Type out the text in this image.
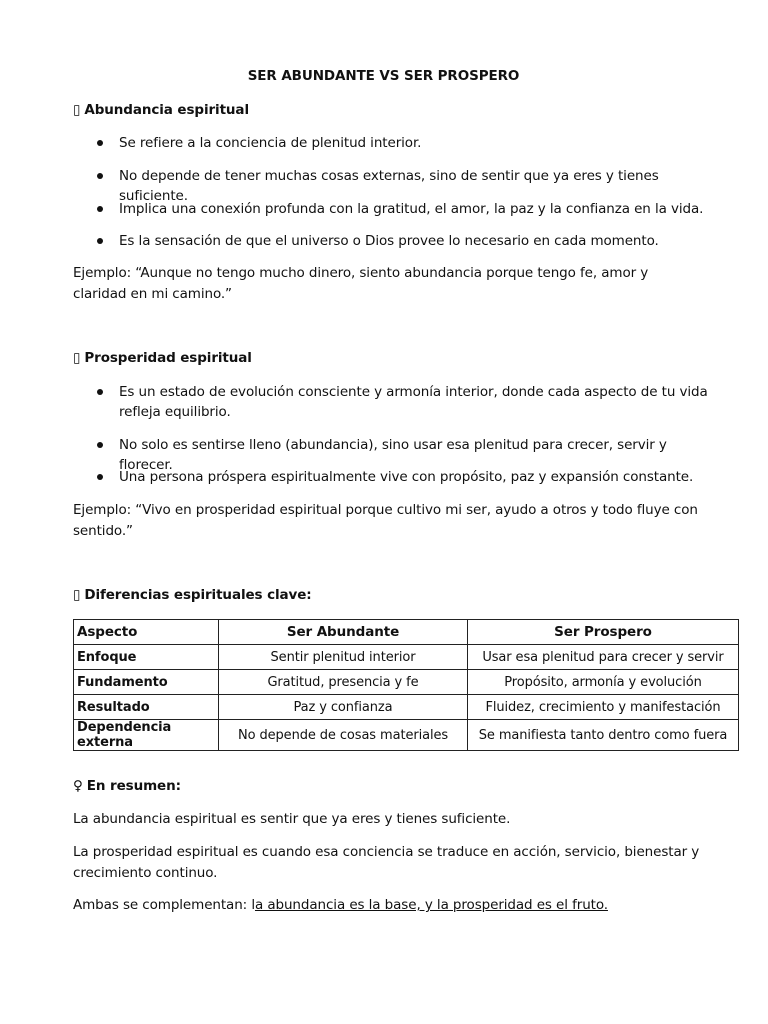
SER ABUNDANTE VS SER PROSPERO
▯ Abundancia espiritual
Se refiere a la conciencia de plenitud interior.
No depende de tener muchas cosas externas, sino de sentir que ya eres y tienes suficiente.
Implica una conexión profunda con la gratitud, el amor, la paz y la confianza en la vida.
Es la sensación de que el universo o Dios provee lo necesario en cada momento.
Ejemplo: “Aunque no tengo mucho dinero, siento abundancia porque tengo fe, amor y claridad en mi camino.”
▯ Prosperidad espiritual
Es un estado de evolución consciente y armonía interior, donde cada aspecto de tu vida refleja equilibrio.
No solo es sentirse lleno (abundancia), sino usar esa plenitud para crecer, servir y florecer.
Una persona próspera espiritualmente vive con propósito, paz y expansión constante.
Ejemplo: “Vivo en prosperidad espiritual porque cultivo mi ser, ayudo a otros y todo fluye con sentido.”
▯ Diferencias espirituales clave:
Aspecto	Ser Abundante	Ser Prospero
Enfoque	Sentir plenitud interior	Usar esa plenitud para crecer y servir
Fundamento	Gratitud, presencia y fe	Propósito, armonía y evolución
Resultado	Paz y confianza	Fluidez, crecimiento y manifestación
Dependencia externa	No depende de cosas materiales	Se manifiesta tanto dentro como fuera
♀ En resumen:
La abundancia espiritual es sentir que ya eres y tienes suficiente.
La prosperidad espiritual es cuando esa conciencia se traduce en acción, servicio, bienestar y crecimiento continuo.
Ambas se complementan: la abundancia es la base, y la prosperidad es el fruto.
